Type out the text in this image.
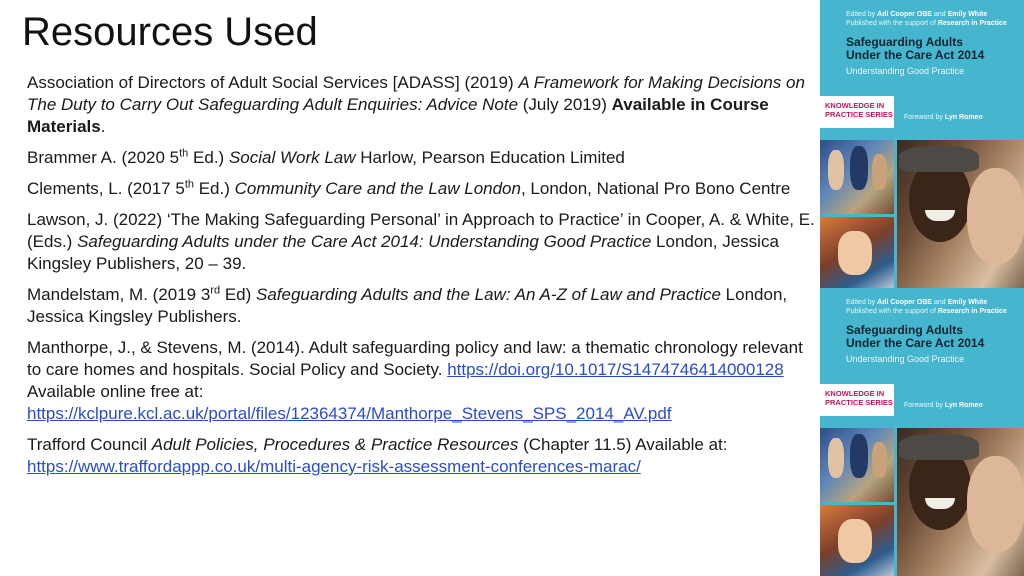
Resources Used

Association of Directors of Adult Social Services [ADASS] (2019) A Framework for Making Decisions on The Duty to Carry Out Safeguarding Adult Enquiries: Advice Note (July 2019) Available in Course Materials.

Brammer A. (2020 5th Ed.) Social Work Law Harlow, Pearson Education Limited

Clements, L. (2017 5th Ed.) Community Care and the Law London, London, National Pro Bono Centre

Lawson, J. (2022) ‘The Making Safeguarding Personal’ in Approach to Practice’ in Cooper, A. & White, E. (Eds.) Safeguarding Adults under the Care Act 2014: Understanding Good Practice London, Jessica Kingsley Publishers, 20 – 39.

Mandelstam, M. (2019 3rd Ed) Safeguarding Adults and the Law: An A-Z of Law and Practice London, Jessica Kingsley Publishers.

Manthorpe, J., & Stevens, M. (2014). Adult safeguarding policy and law: a thematic chronology relevant to care homes and hospitals. Social Policy and Society. https://doi.org/10.1017/S1474746414000128 Available online free at: https://kclpure.kcl.ac.uk/portal/files/12364374/Manthorpe_Stevens_SPS_2014_AV.pdf

Trafford Council Adult Policies, Procedures & Practice Resources (Chapter 11.5) Available at: https://www.traffordappp.co.uk/multi-agency-risk-assessment-conferences-marac/

Edited by Adi Cooper OBE and Emily White
Published with the support of Research in Practice
Safeguarding Adults
Under the Care Act 2014
Understanding Good Practice
KNOWLEDGE IN
PRACTICE SERIES Foreword by Lyn Romeo
Edited by Adi Cooper OBE and Emily White
Published with the support of Research in Practice
Safeguarding Adults
Under the Care Act 2014
Understanding Good Practice
KNOWLEDGE IN
PRACTICE SERIES Foreword by Lyn Romeo
